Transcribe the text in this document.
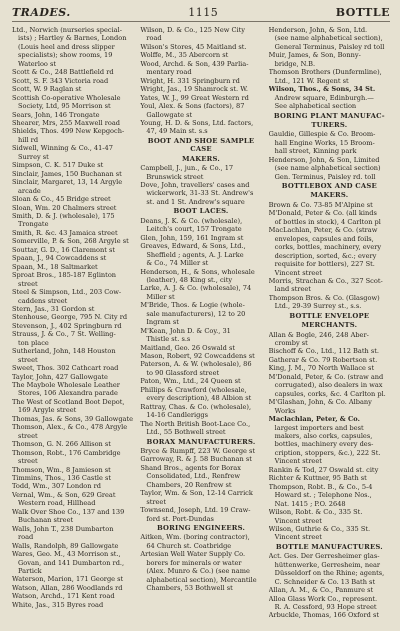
TRADES.	1115	BOTTLE

Ltd., Norwich (nurseries special-

ists) ; Hartley & Barnes, London

(Louis heel and dress slipper

specialists); show rooms, 19

Waterloo st

Scott & Co., 248 Battlefield rd

Scott, S. F. 343 Victoria road

Scott, W. 9 Raglan st

Scottish Co-operative Wholesale

Society, Ltd, 95 Morrison st

Sears, John, 146 Trongate

Shearer, Mrs, 255 Maxwell road

Shields, Thos. 499 New Kepgoch-

hill rd

Sidwell, Winning & Co., 41-47

Surrey st

Simpson, C. K. 517 Duke st

Sinclair, James, 150 Buchanan st

Sinclair, Margaret, 13, 14 Argyle

arcade

Sloan & Co., 45 Bridge street

Sloan, Wm. 20 Chalmers street

Smith, D. & J. (wholesale), 175

Trongate

Smith, R. &c. 43 Jamaica street

Somerville, P. & Son, 268 Argyle st

Souttar, G. D., 16 Claremont st

Spaan, J., 94 Cowcaddens st

Spaan, M., 18 Saltmarket

Sproat Bros., 185-187 Eglinton

street

Steel & Simpson, Ltd., 203 Cow-

caddens street

Stern, Jas., 31 Gordon st

Stenhouse, George, 795 N. City rd

Stevenson, J., 402 Springburn rd

Strauss, J. & Co., 7 St. Welling-

ton place

Sutherland, John, 148 Houston

street

Sweet, Thos. 302 Cathcart road

Taylor, John, 427 Gallowgate

The Maybole Wholesale Leather

Stores, 106 Alexandra parade

The West of Scotland Boot Depot,

169 Argyle street

Thomas, Jas. & Sons, 39 Gallowgate

Thomson, Alex., & Co., 478 Argyle

street

Thomson, G. N. 266 Allison st

Thomson, Robt., 176 Cambridge

street

Thomson, Wm., 8 Jamieson st

Timmins, Thos., 136 Castle st

Todd, Wm., 307 London rd

Vernal, Wm., & Son, 629 Great

Western road, Hillhead

Walk Over Shoe Co., 137 and 139

Buchanan street

Walls, John T., 238 Dumbarton

road

Walls, Randolph, 89 Gallowgate

Wares, Geo. M., 43 Morrison st.,

Govan, and 141 Dumbarton rd.,

Partick

Waterson, Marion, 171 George st

Watson, Allan, 286 Woodlands rd

Watson, Archd., 171 Kent road

White, Jas., 315 Byres road

Wilson, D. & Co., 125 New City

road

Wilson's Stores, 45 Maitland st.

Wolffe, M., 35 Abercorn st

Wood, Archd. & Son, 439 Parlia-

mentary road

Wright, H. 331 Springburn rd

Wright, Jas., 19 Shamrock st. W.

Yates, W. J., 99 Great Western rd

Youl, Alex. & Sons (factors), 87

Gallowgate st

Young, H. D. & Sons, Ltd. factors,

47, 49 Main st. s.s

BOOT AND SHOE SAMPLE CASE

MAKERS.

Campbell, J., jun., & Co., 17

Brunswick street

Dove, John, travellers' cases and

wickerwork, 31-33 St. Andrew's

st. and 1 St. Andrew's square

BOOT LACES.

Deans, J. K. & Co. (wholesale),

Leitch's court, 157 Trongate

Glen, John, 159, 161 Ingram st

Greaves, Edward, & Sons, Ltd.,

Sheffield ; agents, A. J. Larke

& Co., 74 Miller st

Henderson, H., & Sons, wholesale

(leather), 48 King st., city

Larke, A. J. & Co. (wholesale), 74

Miller st

M'Bride, Thos. & Logie (whole-

sale manufacturers), 12 to 20

Ingram st

M'Kean, John D. & Coy., 31

Thistle st. s.s

Maitland, Geo. 26 Oswald st

Mason, Robert, 92 Cowcaddens st

Paterson, A. & W. (wholesale), 86

to 90 Glassford street

Paton, Wm., Ltd., 24 Queen st

Phillips & Crawford (wholesale,

every description), 48 Albion st

Rattray, Chas. & Co. (wholesale),

14-16 Candleriggs

The North British Boot-Lace Co.,

Ltd., 55 Bothwell street

BORAX MANUFACTURERS.

Bryce & Rumpff, 223 W. George st

Garroway, R. & J. 58 Buchanan st

Shand Bros., agents for Borax

Consolidated, Ltd., Renfrew

Chambers, 20 Renfrew st

Taylor, Wm. & Son, 12-14 Carrick

street

Townsend, Joseph, Ltd. 19 Craw-

ford st. Port-Dundas

BORING ENGINEERS.

Aitken, Wm. (boring contractor),

64 Church st. Coatbridge

Artesian Well Water Supply Co.

borers for minerals or water

(Alex. Munro & Co.) (see name

alphabetical section), Mercantile

Chambers, 53 Bothwell st

Henderson, John, & Son, Ltd.

(see name alphabetical section),

General Terminus, Paisley rd toll

Muir, James, & Son, Bonny-

bridge, N.B.

Thomson Brothers (Dunfermline),

Ltd., 121 W. Regent st

Wilson, Thos., & Sons, 34 St.

Andrew square, Edinburgh.—

See alphabetical section

BORING PLANT MANUFAC-

TURERS.

Gauldie, Gillespie & Co. Broom-

hall Engine Works, 15 Broom-

hall street, Kinning park

Henderson, John, & Son, Limited

(see name alphabetical section)

Gen. Terminus, Paisley rd. toll

BOTTLEBOX AND CASE

MAKERS.

Brown & Co. 73-85 M'Alpine st

M'Donald, Peter & Co. (all kinds

of bottles in stock), 4 Carlton pl

MacLachlan, Peter, & Co. (straw

envelopes, capsules and foils,

corks, bottles, machinery, every

description, sorted, &c.; every

requisite for bottlers), 227 St.

Vincent street

Morris, Strachan & Co., 327 Scot-

land street

Thompson Bros. & Co. (Glasgow)

Ltd., 29-39 Surrey st., s.s.

BOTTLE ENVELOPE

MERCHANTS.

Allan & Bogle, 246, 248 Aber-

cromby st

Bischoff & Co., Ltd., 112 Bath st.

Gatherar & Co. 79 Robertson st.

King, J. M., 70 North Wallace st

M'Donald, Peter, & Co. (straw and

corrugated), also dealers in wax

capsules, corks, &c. 4 Carlton pl.

M'Glashan, John, & Co. Albany

Works

Maclachlan, Peter, & Co.

largest importers and best

makers, also corks, capsules,

bottles, machinery every des-

cription, stoppers, &c.), 222 St.

Vincent street

Rankin & Tod, 27 Oswald st. city

Richter & Kuttner, 95 Bath st

Thompson, Robt. B., & Co., 5-4

Howard st. ; Telephone Nos.,

Nat. 1415 ; P.O. 2648

Wilson, Robt. & Co., 335 St.

Vincent street

Wilson, Guthrie & Co., 335 St.

Vincent street

BOTTLE MANUFACTURES.

Act. Ges. Der Gerresheimer glas-

hüttenwerke, Gerresheim, near

Düsseldorf on the Rhine; agents,

C. Schneider & Co. 13 Bath st

Allan, A. M., & Co., Panmure st

Alloa Glass Work Co., represent.

R. A. Cessford, 93 Hope street

Arbuckle, Thomas, 166 Oxford st
